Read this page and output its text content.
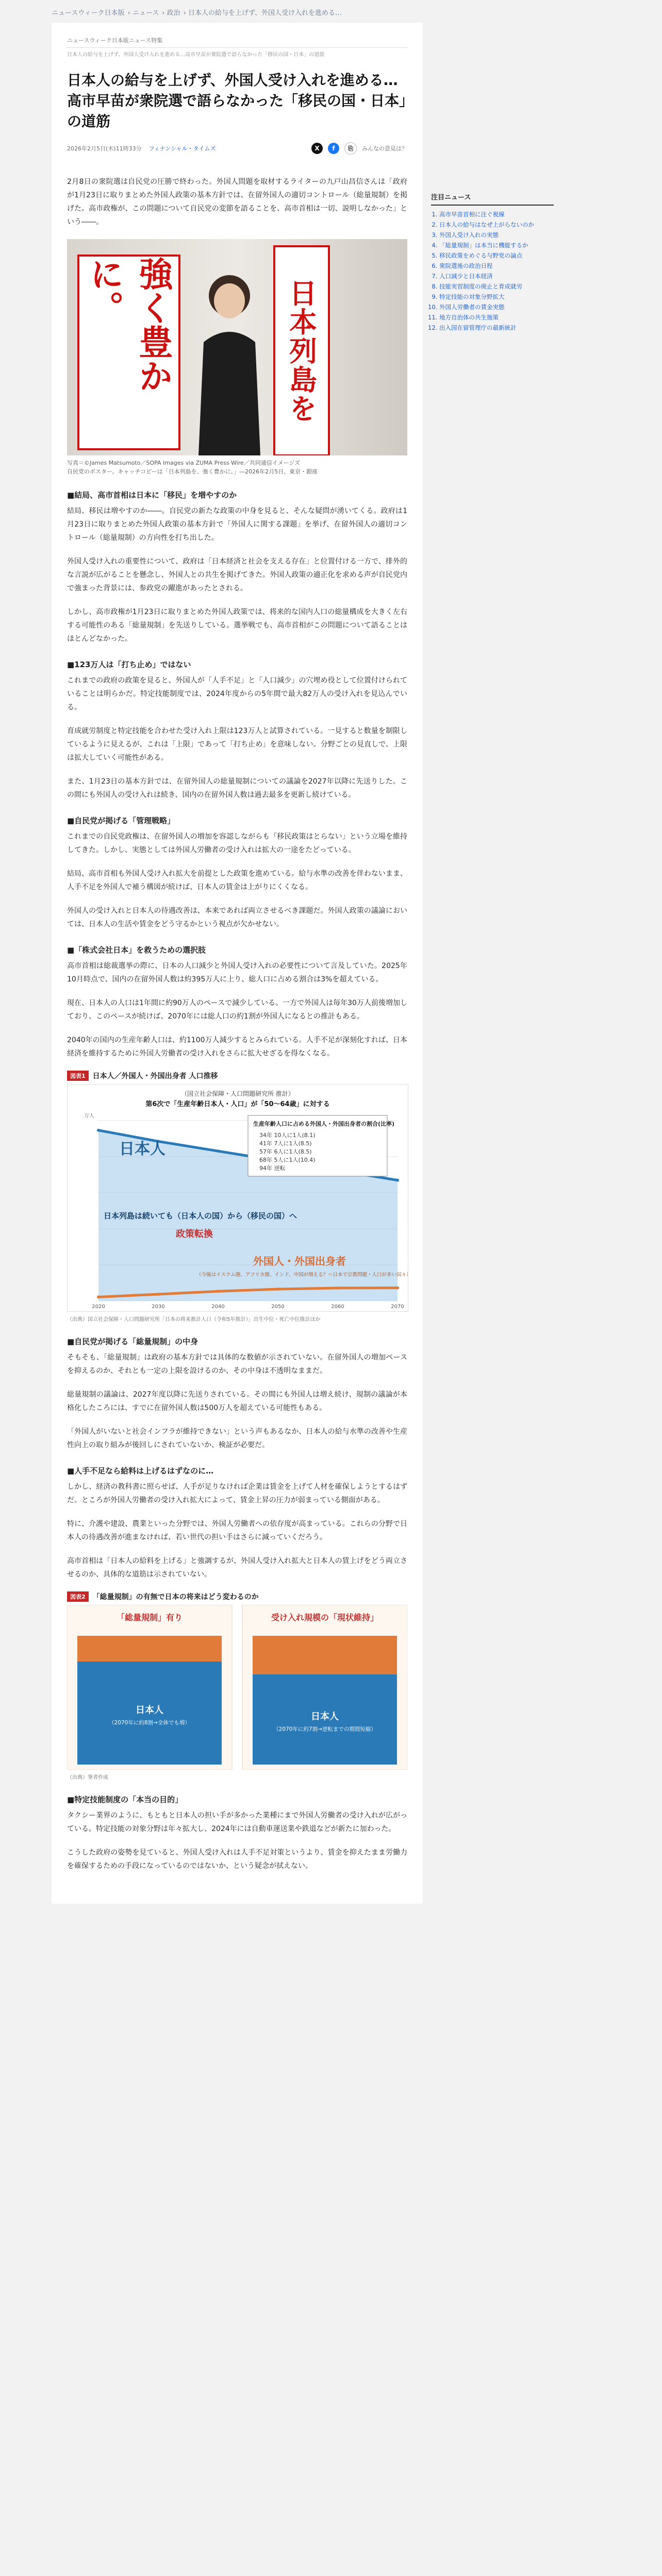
ニュースウィーク日本版 › ニュース › 政治 › 日本人の給与を上げず、外国人受け入れを進める…
ニュースウィーク日本版ニュース特集
日本人の給与を上げず、外国人受け入れを進める…高市早苗が衆院選で語らなかった「移民の国・日本」の道筋
日本人の給与を上げず、外国人受け入れを進める…高市早苗が衆院選で語らなかった「移民の国・日本」の道筋
2026年2月5日(木)11時33分 フィナンシャル・タイムズ	X	f	⎘	みんなの意見は？

2月8日の衆院選は自民党の圧勝で終わった。外国人問題を取材するライターの九戸山昌信さんは「政府が1月23日に取りまとめた外国人政策の基本方針では、在留外国人の適切コントロール（総量規制）を掲げた。高市政権が、この問題について自民党の変節を語ることを、高市首相は一切、説明しなかった」という――。

強く豊かに。	日本列島を
写真＝©James Matsumoto／SOPA Images via ZUMA Press Wire／共同通信イメージズ
自民党のポスター。キャッチコピーは「日本列島を、強く豊かに。」―2026年2月5日、東京・銀座
■結局、高市首相は日本に「移民」を増やすのか

結局、移民は増やすのか――。自民党の新たな政策の中身を見ると、そんな疑問が湧いてくる。政府は1月23日に取りまとめた外国人政策の基本方針で「外国人に関する課題」を挙げ、在留外国人の適切コントロール（総量規制）の方向性を打ち出した。

外国人受け入れの重要性について、政府は「日本経済と社会を支える存在」と位置付ける一方で、排外的な言説が広がることを懸念し、外国人との共生を掲げてきた。外国人政策の適正化を求める声が自民党内で強まった背景には、参政党の躍進があったとされる。

しかし、高市政権が1月23日に取りまとめた外国人政策では、将来的な国内人口の総量構成を大きく左右する可能性のある「総量規制」を先送りしている。選挙戦でも、高市首相がこの問題について語ることはほとんどなかった。

■123万人は「打ち止め」ではない

これまでの政府の政策を見ると、外国人が「人手不足」と「人口減少」の穴埋め役として位置付けられていることは明らかだ。特定技能制度では、2024年度からの5年間で最大82万人の受け入れを見込んでいる。

育成就労制度と特定技能を合わせた受け入れ上限は123万人と試算されている。一見すると数量を制限しているように見えるが、これは「上限」であって「打ち止め」を意味しない。分野ごとの見直しで、上限は拡大していく可能性がある。

また、1月23日の基本方針では、在留外国人の総量規制についての議論を2027年以降に先送りした。この間にも外国人の受け入れは続き、国内の在留外国人数は過去最多を更新し続けている。

■自民党が掲げる「管理戦略」

これまでの自民党政権は、在留外国人の増加を容認しながらも「移民政策はとらない」という立場を維持してきた。しかし、実態としては外国人労働者の受け入れは拡大の一途をたどっている。

結局、高市首相も外国人受け入れ拡大を前提とした政策を進めている。給与水準の改善を伴わないまま、人手不足を外国人で補う構図が続けば、日本人の賃金は上がりにくくなる。

外国人の受け入れと日本人の待遇改善は、本来であれば両立させるべき課題だ。外国人政策の議論においては、日本人の生活や賃金をどう守るかという視点が欠かせない。

■「株式会社日本」を救うための選択肢

高市首相は総裁選挙の際に、日本の人口減少と外国人受け入れの必要性について言及していた。2025年10月時点で、国内の在留外国人数は約395万人に上り、総人口に占める割合は3%を超えている。

現在、日本人の人口は1年間に約90万人のペースで減少している。一方で外国人は毎年30万人前後増加しており、このペースが続けば、2070年には総人口の約1割が外国人になるとの推計もある。

2040年の国内の生産年齢人口は、約1100万人減少するとみられている。人手不足が深刻化すれば、日本経済を維持するために外国人労働者の受け入れをさらに拡大せざるを得なくなる。

図表1	日本人／外国人・外国出身者 人口推移
（国立社会保障・人口問題研究所 推計）
第6次で「生産年齢日本人・人口」が「50～64歳」に対する
万人
日本人
生産年齢人口に占める外国人・外国出身者の割合(比率)
34年 10人に1人(8.1)
41年 7人に1人(8.5)
57年 6人に1人(8.5)
68年 5人に1人(10.4)
94年 逆転
日本列島は続いても（日本人の国）から（移民の国）へ
政策転換
外国人・外国出身者
（今後はイスラム圏、アフリカ圏、インド、中国が増える？＝日本で宗教問題・人口が多い国々）
2020	2030	2040	2050	2060	2070
（出典）国立社会保障・人口問題研究所「日本の将来推計人口（令和5年推計）」出生中位・死亡中位推計ほか
■自民党が掲げる「総量規制」の中身

そもそも、「総量規制」は政府の基本方針では具体的な数値が示されていない。在留外国人の増加ペースを抑えるのか、それとも一定の上限を設けるのか、その中身は不透明なままだ。

総量規制の議論は、2027年度以降に先送りされている。その間にも外国人は増え続け、規制の議論が本格化したころには、すでに在留外国人数は500万人を超えている可能性もある。

「外国人がいないと社会インフラが維持できない」という声もあるなか、日本人の給与水準の改善や生産性向上の取り組みが後回しにされていないか、検証が必要だ。

■人手不足なら給料は上げるはずなのに…

しかし、経済の教科書に照らせば、人手が足りなければ企業は賃金を上げて人材を確保しようとするはずだ。ところが外国人労働者の受け入れ拡大によって、賃金上昇の圧力が弱まっている側面がある。

特に、介護や建設、農業といった分野では、外国人労働者への依存度が高まっている。これらの分野で日本人の待遇改善が進まなければ、若い世代の担い手はさらに減っていくだろう。

高市首相は「日本人の給料を上げる」と強調するが、外国人受け入れ拡大と日本人の賃上げをどう両立させるのか、具体的な道筋は示されていない。

図表2	「総量規制」の有無で日本の将来はどう変わるのか
「総量規制」有り
日本人
（2070年に約8割→全体でも増）
受け入れ規模の「現状維持」
日本人
（2070年に約7割→逆転までの期間短縮）
（出典）筆者作成
■特定技能制度の「本当の目的」

タクシー業界のように、もともと日本人の担い手が多かった業種にまで外国人労働者の受け入れが広がっている。特定技能の対象分野は年々拡大し、2024年には自動車運送業や鉄道などが新たに加わった。

こうした政府の姿勢を見ていると、外国人受け入れは人手不足対策というより、賃金を抑えたまま労働力を確保するための手段になっているのではないか、という疑念が拭えない。

注目ニュース
1. 高市早苗首相に注ぐ視線
2. 日本人の給与はなぜ上がらないのか
3. 外国人受け入れの実態
4. 「総量規制」は本当に機能するか
5. 移民政策をめぐる与野党の論点
6. 衆院選後の政治日程
7. 人口減少と日本経済
8. 技能実習制度の廃止と育成就労
9. 特定技能の対象分野拡大
10. 外国人労働者の賃金実態
11. 地方自治体の共生施策
12. 出入国在留管理庁の最新統計
